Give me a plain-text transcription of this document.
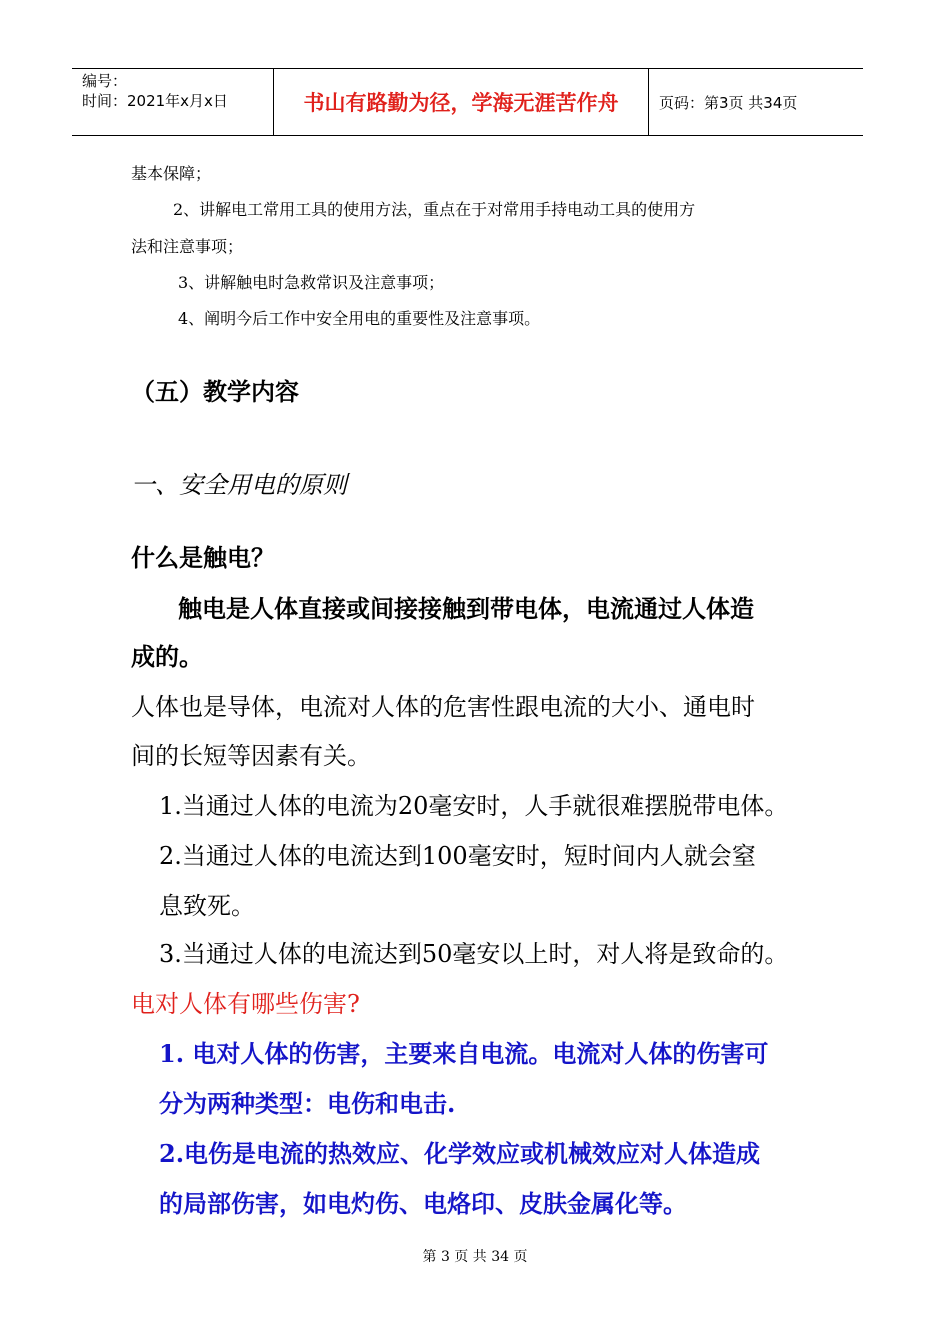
编号：
时间：2021年x月x日	书山有路勤为径，学海无涯苦作舟	页码：第3页 共34页
基本保障；
2、讲解电工常用工具的使用方法，重点在于对常用手持电动工具的使用方
法和注意事项；
3、讲解触电时急救常识及注意事项；
4、阐明今后工作中安全用电的重要性及注意事项。
（五）教学内容
一、安全用电的原则
什么是触电？
触电是人体直接或间接接触到带电体，电流通过人体造
成的。
人体也是导体，电流对人体的危害性跟电流的大小、通电时
间的长短等因素有关。
1.当通过人体的电流为20毫安时，人手就很难摆脱带电体。
2.当通过人体的电流达到100毫安时，短时间内人就会窒
息致死。
3.当通过人体的电流达到50毫安以上时，对人将是致命的。
电对人体有哪些伤害?
1. 电对人体的伤害，主要来自电流。电流对人体的伤害可
分为两种类型：电伤和电击.
2.电伤是电流的热效应、化学效应或机械效应对人体造成
的局部伤害，如电灼伤、电烙印、皮肤金属化等。
第 3 页 共 34 页
